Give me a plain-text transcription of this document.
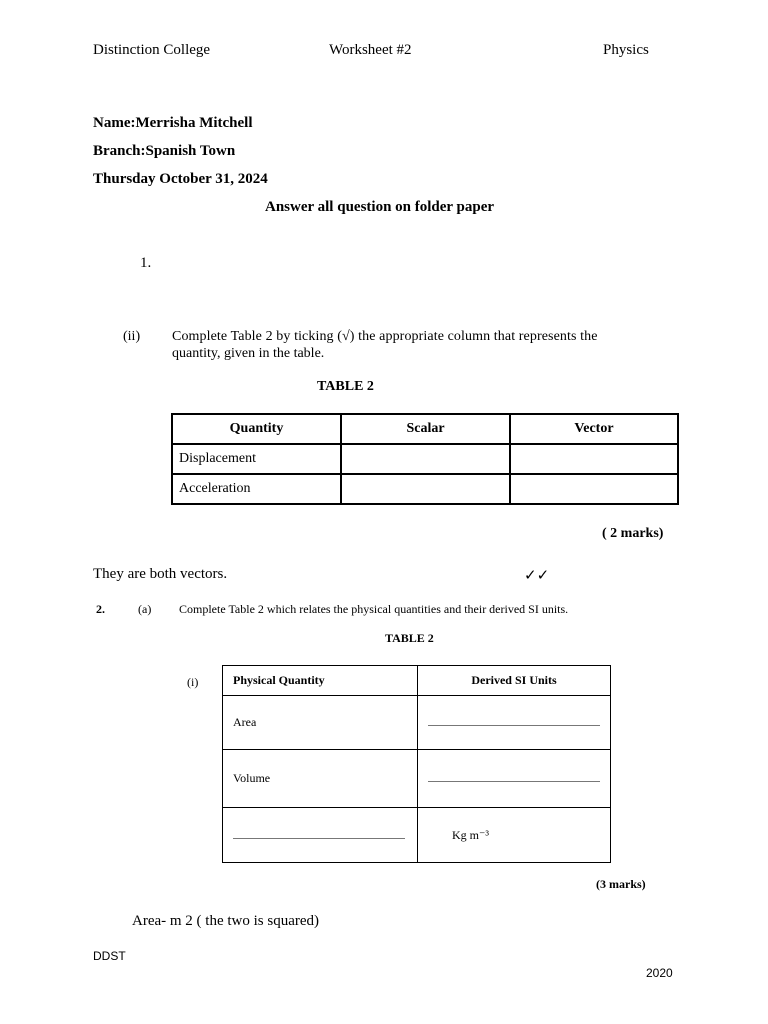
Distinction College	Worksheet #2	Physics
Name:Merrisha Mitchell
Branch:Spanish Town
Thursday October 31, 2024
Answer all question on folder paper
1.
(ii) Complete Table 2 by ticking (√) the appropriate column that represents the
quantity, given in the table.
TABLE 2
Quantity	Scalar	Vector
Displacement		
Acceleration		
( 2 marks)
They are both vectors.	✓✓
2.	(a) Complete Table 2 which relates the physical quantities and their derived SI units.
TABLE 2
(i)	Physical Quantity	Derived SI Units
Area	
Volume	
	Kg m⁻³
(3 marks)
Area- m 2 ( the two is squared)
DDST
2020
